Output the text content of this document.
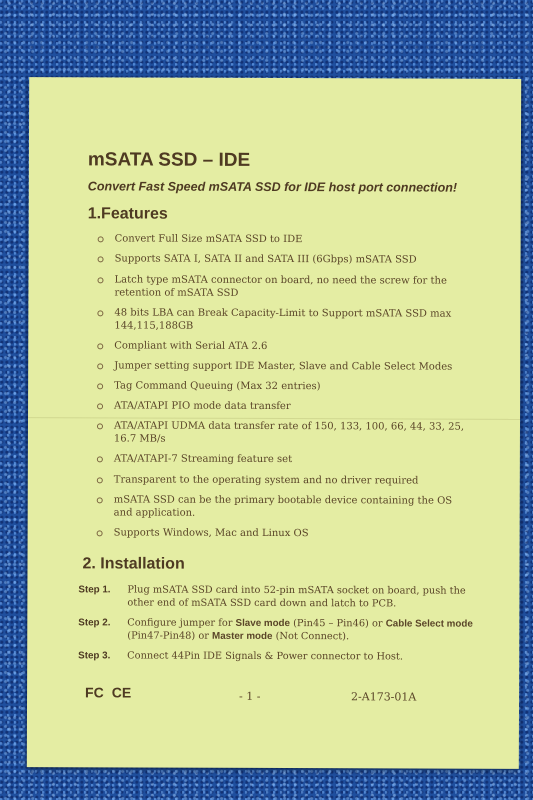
mSATA SSD – IDE

Convert Fast Speed mSATA SSD for IDE host port connection!

1.Features
Convert Full Size mSATA SSD to IDE
Supports SATA I, SATA II and SATA III (6Gbps) mSATA SSD
Latch type mSATA connector on board, no need the screw for the retention of mSATA SSD
48 bits LBA can Break Capacity-Limit to Support mSATA SSD max 144,115,188GB
Compliant with Serial ATA 2.6
Jumper setting support IDE Master, Slave and Cable Select Modes
Tag Command Queuing (Max 32 entries)
ATA/ATAPI PIO mode data transfer
ATA/ATAPI UDMA data transfer rate of 150, 133, 100, 66, 44, 33, 25, 16.7 MB/s
ATA/ATAPI-7 Streaming feature set
Transparent to the operating system and no driver required
mSATA SSD can be the primary bootable device containing the OS and application.
Supports Windows, Mac and Linux OS
2. Installation
Step 1. Plug mSATA SSD card into 52-pin mSATA socket on board, push the other end of mSATA SSD card down and latch to PCB.
Step 2. Configure jumper for Slave mode (Pin45 – Pin46) or Cable Select mode (Pin47-Pin48) or Master mode (Not Connect).
Step 3. Connect 44Pin IDE Signals & Power connector to Host.
FC CE	- 1 -	2-A173-01A
